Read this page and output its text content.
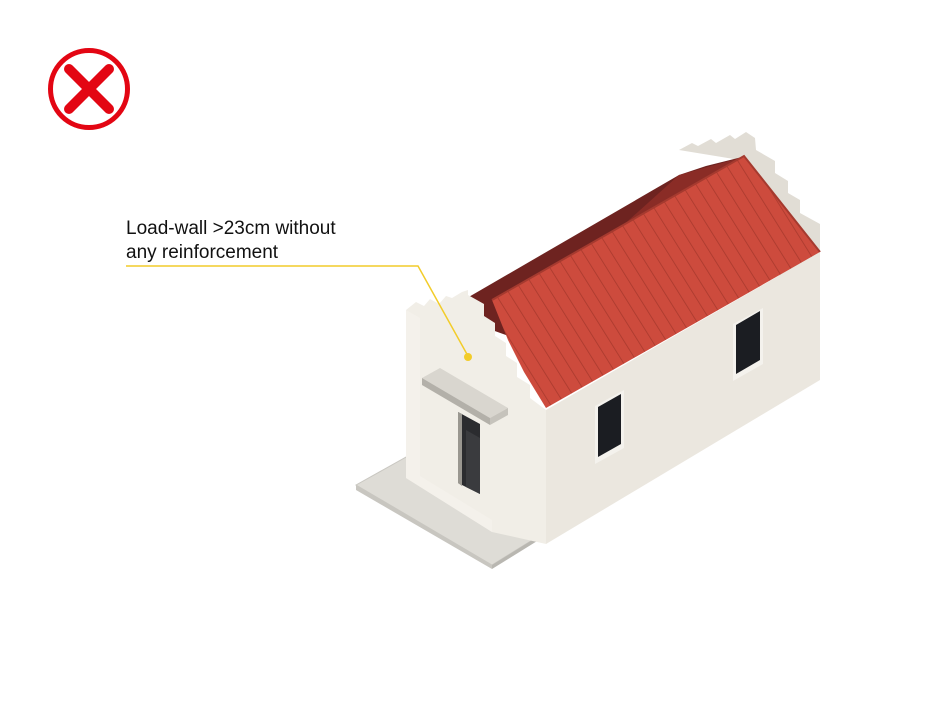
Load-wall >23cm without
any reinforcement
